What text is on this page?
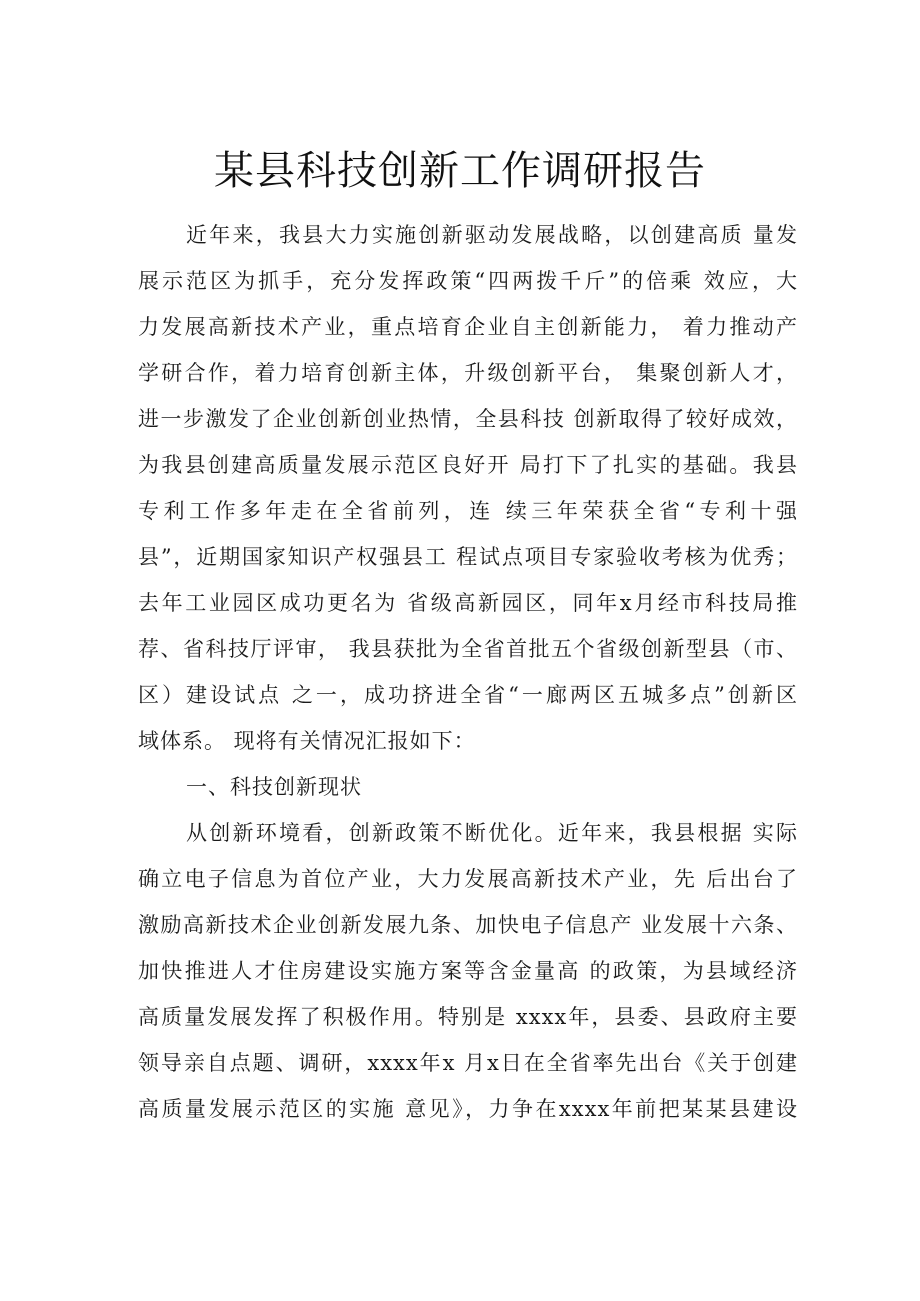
某县科技创新工作调研报告
近年来，我县大力实施创新驱动发展战略，以创建高质 量发
展示范区为抓手，充分发挥政策“四两拨千斤”的倍乘 效应，大
力发展高新技术产业，重点培育企业自主创新能力， 着力推动产
学研合作，着力培育创新主体，升级创新平台， 集聚创新人才，
进一步激发了企业创新创业热情，全县科技 创新取得了较好成效，
为我县创建高质量发展示范区良好开 局打下了扎实的基础。我县
专利工作多年走在全省前列，连 续三年荣获全省“专利十强
县”，近期国家知识产权强县工 程试点项目专家验收考核为优秀；
去年工业园区成功更名为 省级高新园区，同年x月经市科技局推
荐、省科技厅评审， 我县获批为全省首批五个省级创新型县（市、
区）建设试点 之一，成功挤进全省“一廊两区五城多点”创新区
域体系。 现将有关情况汇报如下：
一、科技创新现状
从创新环境看，创新政策不断优化。近年来，我县根据 实际
确立电子信息为首位产业，大力发展高新技术产业，先 后出台了
激励高新技术企业创新发展九条、加快电子信息产 业发展十六条、
加快推进人才住房建设实施方案等含金量高 的政策，为县域经济
高质量发展发挥了积极作用。特别是 xxxx年，县委、县政府主要
领导亲自点题、调研，xxxx年x 月x日在全省率先出台《关于创建
高质量发展示范区的实施 意见》，力争在xxxx年前把某某县建设
